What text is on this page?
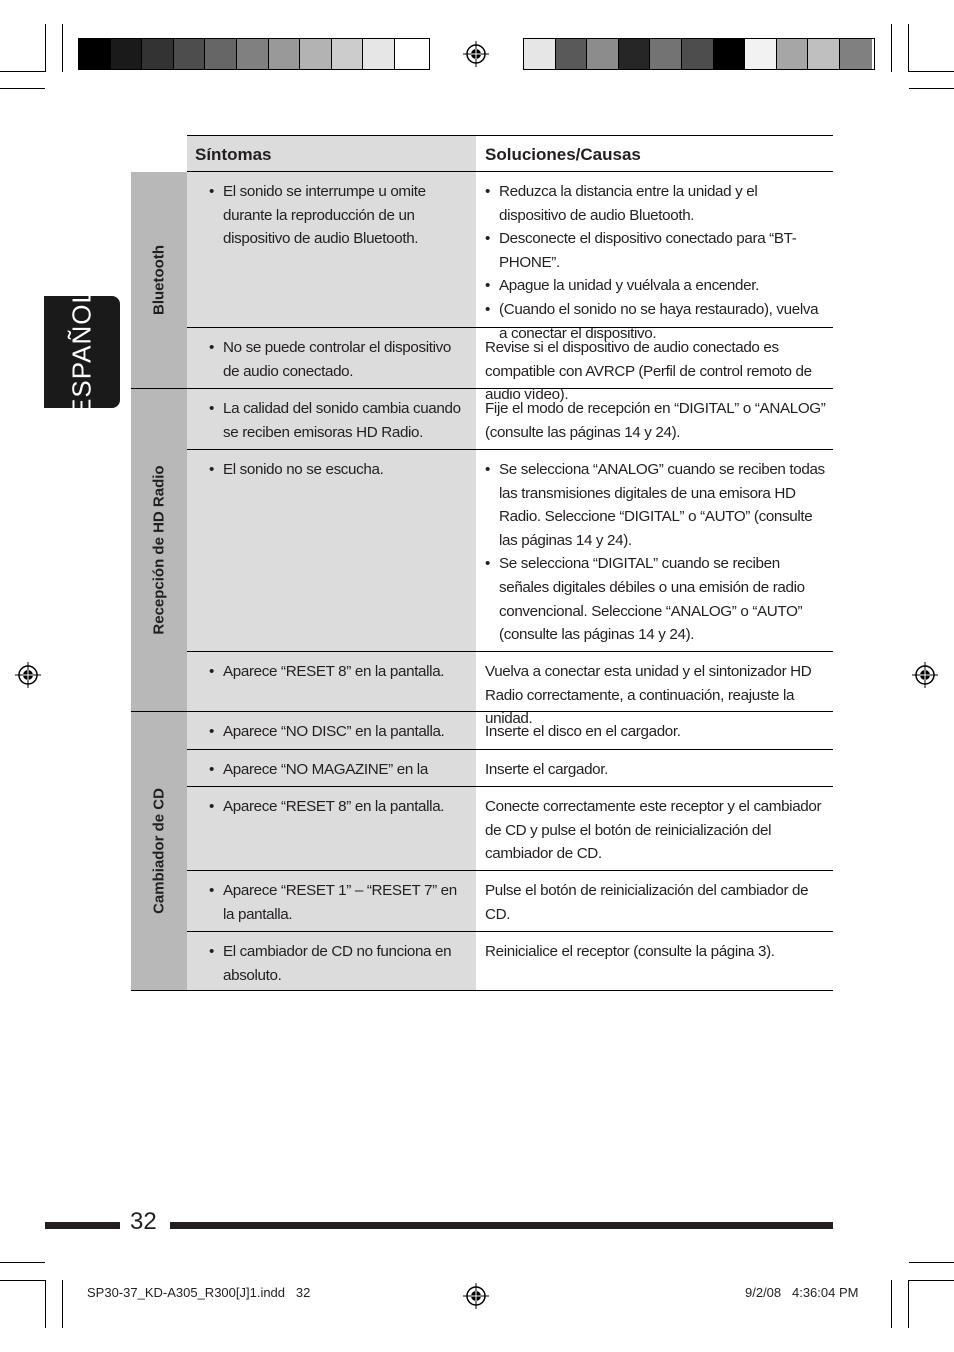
ESPAÑOL
Síntomas	Soluciones/Causas
Bluetooth
• El sonido se interrumpe u omite durante la reproducción de un dispositivo de audio Bluetooth.
• Reduzca la distancia entre la unidad y el dispositivo de audio Bluetooth.
• Desconecte el dispositivo conectado para “BT-PHONE”.
• Apague la unidad y vuélvala a encender.
• (Cuando el sonido no se haya restaurado), vuelva a conectar el dispositivo.
• No se puede controlar el dispositivo de audio conectado.
Revise si el dispositivo de audio conectado es compatible con AVRCP (Perfil de control remoto de audio vídeo).
Recepción de HD Radio
• La calidad del sonido cambia cuando se reciben emisoras HD Radio.
Fije el modo de recepción en “DIGITAL” o “ANALOG” (consulte las páginas 14 y 24).
• El sonido no se escucha.
•	Se selecciona “ANALOG” cuando se reciben todas las transmisiones digitales de una emisora HD Radio. Seleccione “DIGITAL” o “AUTO” (consulte las páginas 14 y 24).
• Se selecciona “DIGITAL” cuando se reciben señales digitales débiles o una emisión de radio convencional. Seleccione “ANALOG” o “AUTO” (consulte las páginas 14 y 24).
• Aparece “RESET 8” en la pantalla.	Vuelva a conectar esta unidad y el sintonizador HD Radio correctamente, a continuación, reajuste la unidad.
Cambiador de CD
• Aparece “NO DISC” en la pantalla.	Inserte el disco en el cargador.
• Aparece “NO MAGAZINE” en la	Inserte el cargador.
• Aparece “RESET 8” en la pantalla.	Conecte correctamente este receptor y el cambiador de CD y pulse el botón de reinicialización del cambiador de CD.
• Aparece “RESET 1” – “RESET 7” en la pantalla.
Pulse el botón de reinicialización del cambiador de CD.
• El cambiador de CD no funciona en absoluto.
Reinicialice el receptor (consulte la página 3).
32
SP30-37_KD-A305_R300[J]1.indd   32	9/2/08   4:36:04 PM
